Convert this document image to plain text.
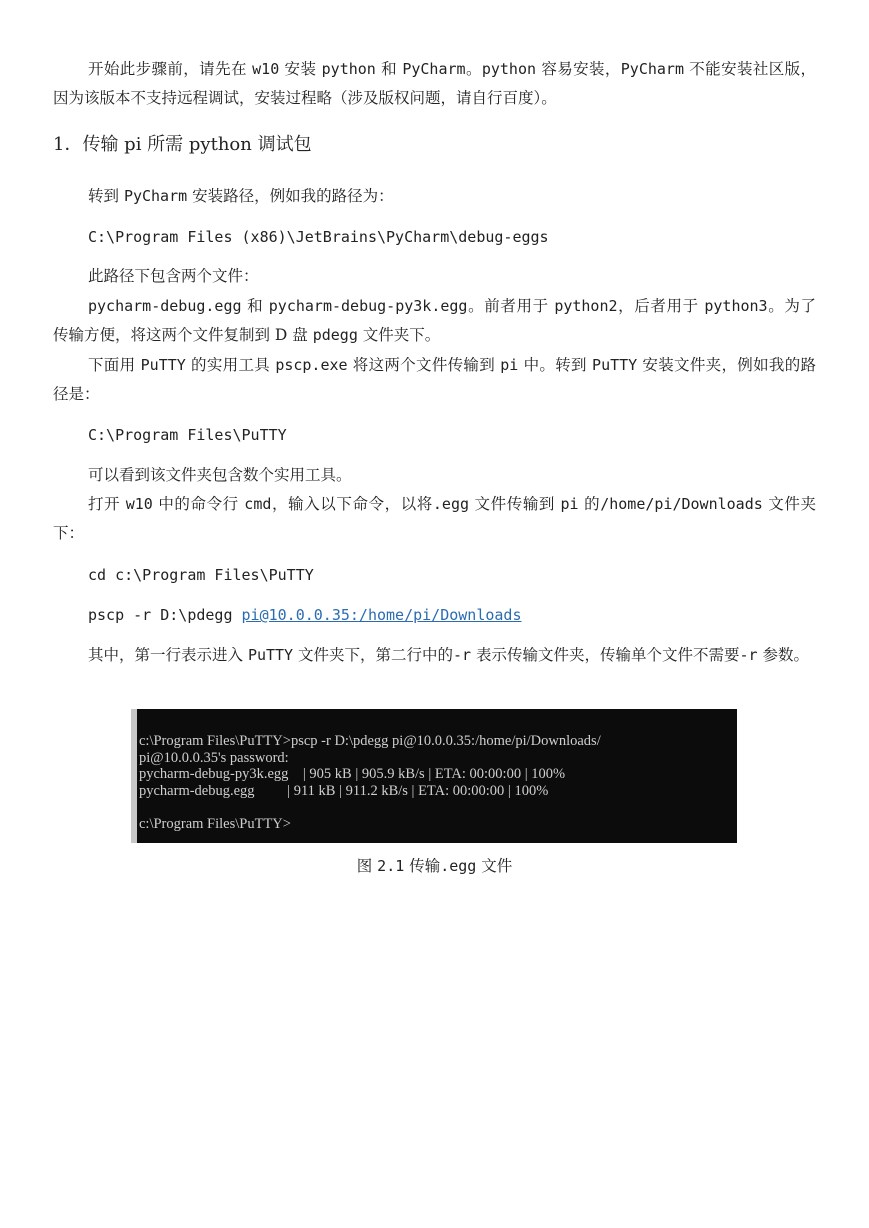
开始此步骤前，请先在 w10 安装 python 和 PyCharm。python 容易安装，PyCharm 不能安装社区版，因为该版本不支持远程调试，安装过程略（涉及版权问题，请自行百度）。

1．传输 pi 所需 python 调试包

转到 PyCharm 安装路径，例如我的路径为：

C:\Program Files (x86)\JetBrains\PyCharm\debug-eggs

此路径下包含两个文件：

pycharm-debug.egg 和 pycharm-debug-py3k.egg。前者用于 python2，后者用于 python3。为了传输方便，将这两个文件复制到 D 盘 pdegg 文件夹下。

下面用 PuTTY 的实用工具 pscp.exe 将这两个文件传输到 pi 中。转到 PuTTY 安装文件夹，例如我的路径是：

C:\Program Files\PuTTY

可以看到该文件夹包含数个实用工具。

打开 w10 中的命令行 cmd，输入以下命令，以将.egg 文件传输到 pi 的/home/pi/Downloads 文件夹下：

cd c:\Program Files\PuTTY
pscp -r D:\pdegg pi@10.0.0.35:/home/pi/Downloads

其中，第一行表示进入 PuTTY 文件夹下，第二行中的-r 表示传输文件夹，传输单个文件不需要-r 参数。

c:\Program Files\PuTTY>pscp -r D:\pdegg pi@10.0.0.35:/home/pi/Downloads/
pi@10.0.0.35's password:
pycharm-debug-py3k.egg    | 905 kB | 905.9 kB/s | ETA: 00:00:00 | 100%
pycharm-debug.egg         | 911 kB | 911.2 kB/s | ETA: 00:00:00 | 100%

c:\Program Files\PuTTY>
图 2.1 传输.egg 文件
